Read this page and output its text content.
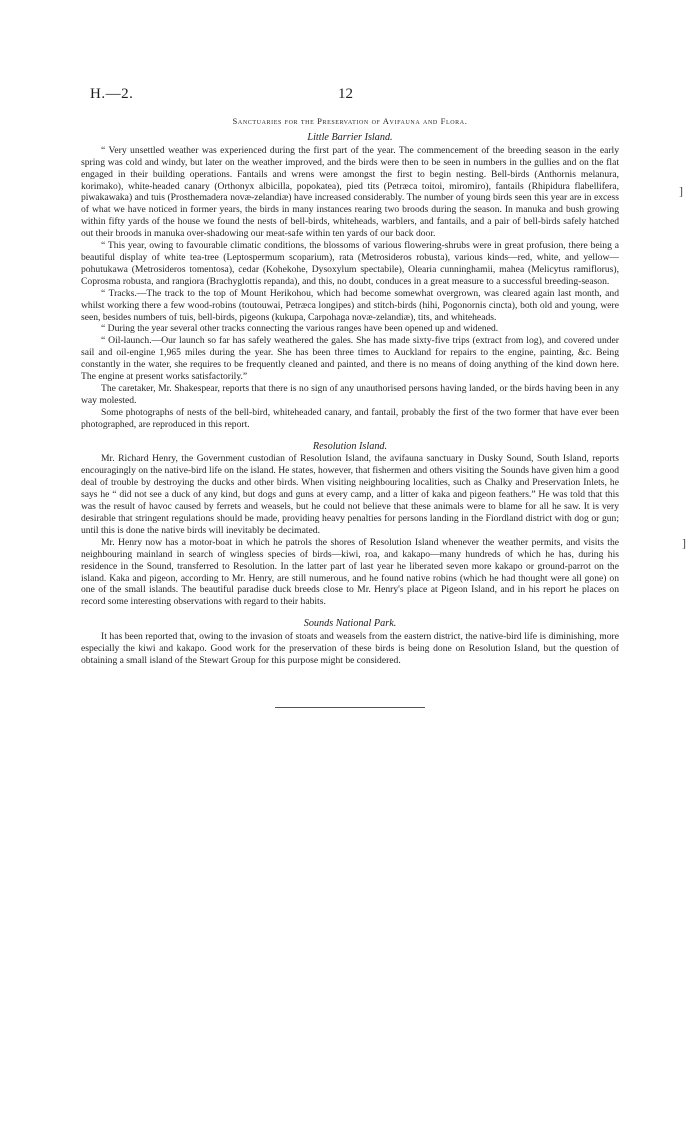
H.—2.	12
]
]
Sanctuaries for the Preservation of Avifauna and Flora.
Little Barrier Island.

“ Very unsettled weather was experienced during the first part of the year. The commencement of the breeding season in the early spring was cold and windy, but later on the weather improved, and the birds were then to be seen in numbers in the gullies and on the flat engaged in their building operations. Fantails and wrens were amongst the first to begin nesting. Bell-birds (Anthornis melanura, korimako), white-headed canary (Orthonyx albicilla, popokatea), pied tits (Petræca toitoi, miromiro), fantails (Rhipidura flabellifera, piwakawaka) and tuis (Prosthemadera novæ-zelandiæ) have increased considerably. The number of young birds seen this year are in excess of what we have noticed in former years, the birds in many instances rearing two broods during the season. In manuka and bush growing within fifty yards of the house we found the nests of bell-birds, whiteheads, warblers, and fantails, and a pair of bell-birds safely hatched out their broods in manuka over-shadowing our meat-safe within ten yards of our back door.

“ This year, owing to favourable climatic conditions, the blossoms of various flowering-shrubs were in great profusion, there being a beautiful display of white tea-tree (Leptospermum scoparium), rata (Metrosideros robusta), various kinds—red, white, and yellow—pohutukawa (Metrosideros tomentosa), cedar (Kohekohe, Dysoxylum spectabile), Olearia cunninghamii, mahea (Melicytus ramiflorus), Coprosma robusta, and rangiora (Brachyglottis repanda), and this, no doubt, conduces in a great measure to a successful breeding-season.

“ Tracks.—The track to the top of Mount Herikohou, which had become somewhat overgrown, was cleared again last month, and whilst working there a few wood-robins (toutouwai, Petræca longipes) and stitch-birds (hihi, Pogonornis cincta), both old and young, were seen, besides numbers of tuis, bell-birds, pigeons (kukupa, Carpohaga novæ-zelandiæ), tits, and whiteheads.

“ During the year several other tracks connecting the various ranges have been opened up and widened.

“ Oil-launch.—Our launch so far has safely weathered the gales. She has made sixty-five trips (extract from log), and covered under sail and oil-engine 1,965 miles during the year. She has been three times to Auckland for repairs to the engine, painting, &c. Being constantly in the water, she requires to be frequently cleaned and painted, and there is no means of doing anything of the kind down here. The engine at present works satisfactorily.”

The caretaker, Mr. Shakespear, reports that there is no sign of any unauthorised persons having landed, or the birds having been in any way molested.

Some photographs of nests of the bell-bird, whiteheaded canary, and fantail, probably the first of the two former that have ever been photographed, are reproduced in this report.

Resolution Island.

Mr. Richard Henry, the Government custodian of Resolution Island, the avifauna sanctuary in Dusky Sound, South Island, reports encouragingly on the native-bird life on the island. He states, however, that fishermen and others visiting the Sounds have given him a good deal of trouble by destroying the ducks and other birds. When visiting neighbouring localities, such as Chalky and Preservation Inlets, he says he “ did not see a duck of any kind, but dogs and guns at every camp, and a litter of kaka and pigeon feathers.” He was told that this was the result of havoc caused by ferrets and weasels, but he could not believe that these animals were to blame for all he saw. It is very desirable that stringent regulations should be made, providing heavy penalties for persons landing in the Fiordland district with dog or gun; until this is done the native birds will inevitably be decimated.

Mr. Henry now has a motor-boat in which he patrols the shores of Resolution Island whenever the weather permits, and visits the neighbouring mainland in search of wingless species of birds—kiwi, roa, and kakapo—many hundreds of which he has, during his residence in the Sound, transferred to Resolution. In the latter part of last year he liberated seven more kakapo or ground-parrot on the island. Kaka and pigeon, according to Mr. Henry, are still numerous, and he found native robins (which he had thought were all gone) on one of the small islands. The beautiful paradise duck breeds close to Mr. Henry's place at Pigeon Island, and in his report he places on record some interesting observations with regard to their habits.

Sounds National Park.

It has been reported that, owing to the invasion of stoats and weasels from the eastern district, the native-bird life is diminishing, more especially the kiwi and kakapo. Good work for the preservation of these birds is being done on Resolution Island, but the question of obtaining a small island of the Stewart Group for this purpose might be considered.
